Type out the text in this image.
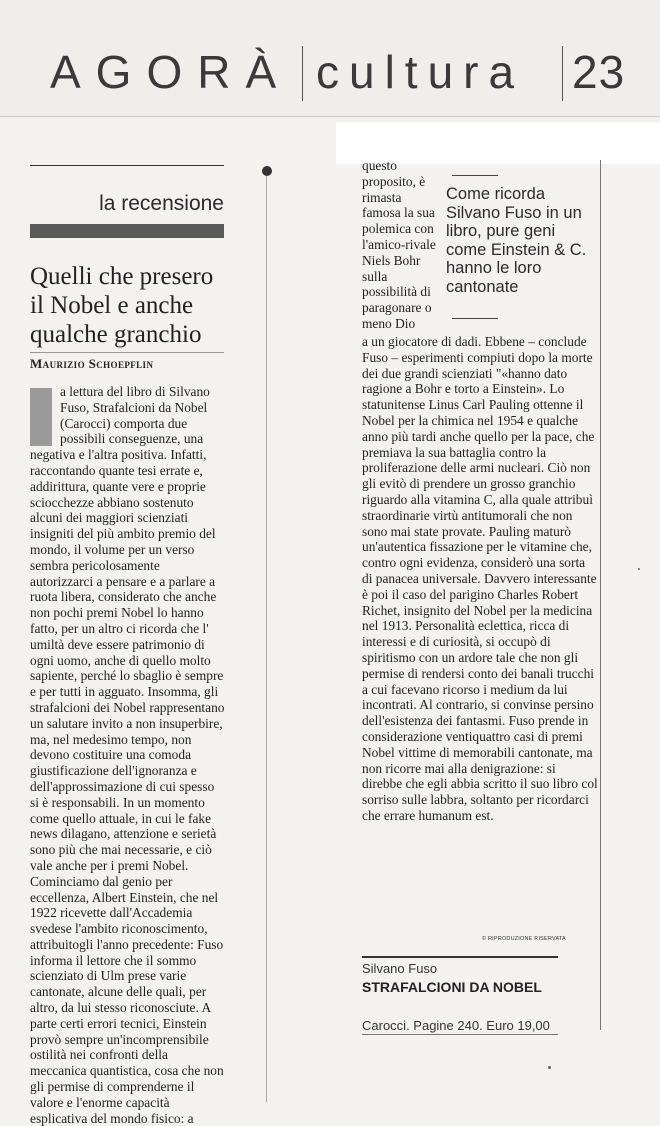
AGORÀ cultura 23
la recensione
Quelli che presero il Nobel e anche qualche granchio
Maurizio Schoepflin

a lettura del libro di Silvano Fuso, Strafalcioni da Nobel (Carocci) comporta due possibili conseguenze, una negativa e l'altra positiva. Infatti, raccontando quante tesi errate e, addirittura, quante vere e proprie sciocchezze abbiano sostenuto alcuni dei maggiori scienziati insigniti del più ambito premio del mondo, il volume per un verso sembra pericolosamente autorizzarci a pensare e a parlare a ruota libera, considerato che anche non pochi premi Nobel lo hanno fatto, per un altro ci ricorda che l' umiltà deve essere patrimonio di ogni uomo, anche di quello molto sapiente, perché lo sbaglio è sempre e per tutti in agguato. Insomma, gli strafalcioni dei Nobel rappresentano un salutare invito a non insuperbire, ma, nel medesimo tempo, non devono costituire una comoda giustificazione dell'ignoranza e dell'approssimazione di cui spesso si è responsabili. In un momento come quello attuale, in cui le fake news dilagano, attenzione e serietà sono più che mai necessarie, e ciò vale anche per i premi Nobel. Cominciamo dal genio per eccellenza, Albert Einstein, che nel 1922 ricevette dall'Accademia svedese l'ambito riconoscimento, attribuitogli l'anno precedente: Fuso informa il lettore che il sommo scienziato di Ulm prese varie cantonate, alcune delle quali, per altro, da lui stesso riconosciute. A parte certi errori tecnici, Einstein provò sempre un'incomprensibile ostilità nei confronti della meccanica quantistica, cosa che non gli permise di comprenderne il valore e l'enorme capacità esplicativa del mondo fisico: a

questo proposito, è rimasta famosa la sua polemica con l'amico-rivale Niels Bohr sulla possibilità di paragonare o meno Dio

Come ricorda Silvano Fuso in un libro, pure geni come Einstein & C. hanno le loro cantonate

a un giocatore di dadi. Ebbene – conclude Fuso – esperimenti compiuti dopo la morte dei due grandi scienziati "«hanno dato ragione a Bohr e torto a Einstein». Lo statunitense Linus Carl Pauling ottenne il Nobel per la chimica nel 1954 e qualche anno più tardi anche quello per la pace, che premiava la sua battaglia contro la proliferazione delle armi nucleari. Ciò non gli evitò di prendere un grosso granchio riguardo alla vitamina C, alla quale attribuì straordinarie virtù antitumorali che non sono mai state provate. Pauling maturò un'autentica fissazione per le vitamine che, contro ogni evidenza, considerò una sorta di panacea universale. Davvero interessante è poi il caso del parigino Charles Robert Richet, insignito del Nobel per la medicina nel 1913. Personalità eclettica, ricca di interessi e di curiosità, si occupò di spiritismo con un ardore tale che non gli permise di rendersi conto dei banali trucchi a cui facevano ricorso i medium da lui incontrati. Al contrario, si convinse persino dell'esistenza dei fantasmi. Fuso prende in considerazione ventiquattro casi di premi Nobel vittime di memorabili cantonate, ma non ricorre mai alla denigrazione: si direbbe che egli abbia scritto il suo libro col sorriso sulle labbra, soltanto per ricordarci che errare humanum est.

© RIPRODUZIONE RISERVATA
Silvano Fuso
STRAFALCIONI DA NOBEL
Carocci. Pagine 240. Euro 19,00
